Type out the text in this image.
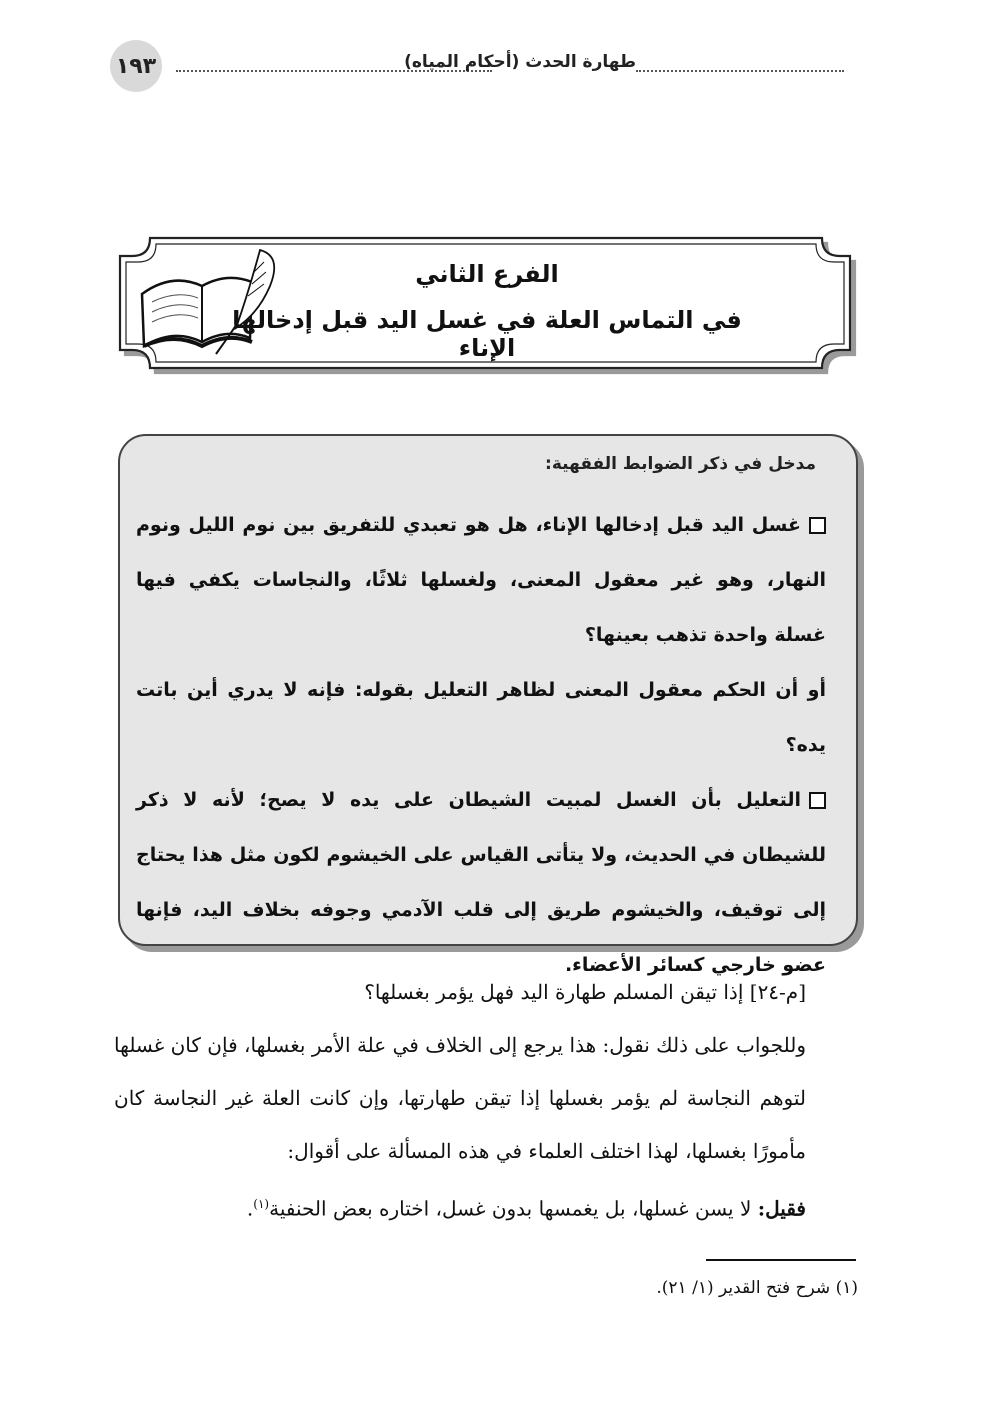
١٩٣	طهارة الحدث (أحكام المياه)
الفرع الثاني
في التماس العلة في غسل اليد قبل إدخالها الإناء
مدخل في ذكر الضوابط الفقهية:

غسل اليد قبل إدخالها الإناء، هل هو تعبدي للتفريق بين نوم الليل ونوم النهار، وهو غير معقول المعنى، ولغسلها ثلاثًا، والنجاسات يكفي فيها غسلة واحدة تذهب بعينها؟

أو أن الحكم معقول المعنى لظاهر التعليل بقوله: فإنه لا يدري أين باتت يده؟

التعليل بأن الغسل لمبيت الشيطان على يده لا يصح؛ لأنه لا ذكر للشيطان في الحديث، ولا يتأتى القياس على الخيشوم لكون مثل هذا يحتاج إلى توقيف، والخيشوم طريق إلى قلب الآدمي وجوفه بخلاف اليد، فإنها عضو خارجي كسائر الأعضاء.

[م-٢٤] إذا تيقن المسلم طهارة اليد فهل يؤمر بغسلها؟

وللجواب على ذلك نقول: هذا يرجع إلى الخلاف في علة الأمر بغسلها، فإن كان غسلها لتوهم النجاسة لم يؤمر بغسلها إذا تيقن طهارتها، وإن كانت العلة غير النجاسة كان مأمورًا بغسلها، لهذا اختلف العلماء في هذه المسألة على أقوال:

فقيل: لا يسن غسلها، بل يغمسها بدون غسل، اختاره بعض الحنفية$^{(١)}$.

(١) شرح فتح القدير (١/ ٢١).
